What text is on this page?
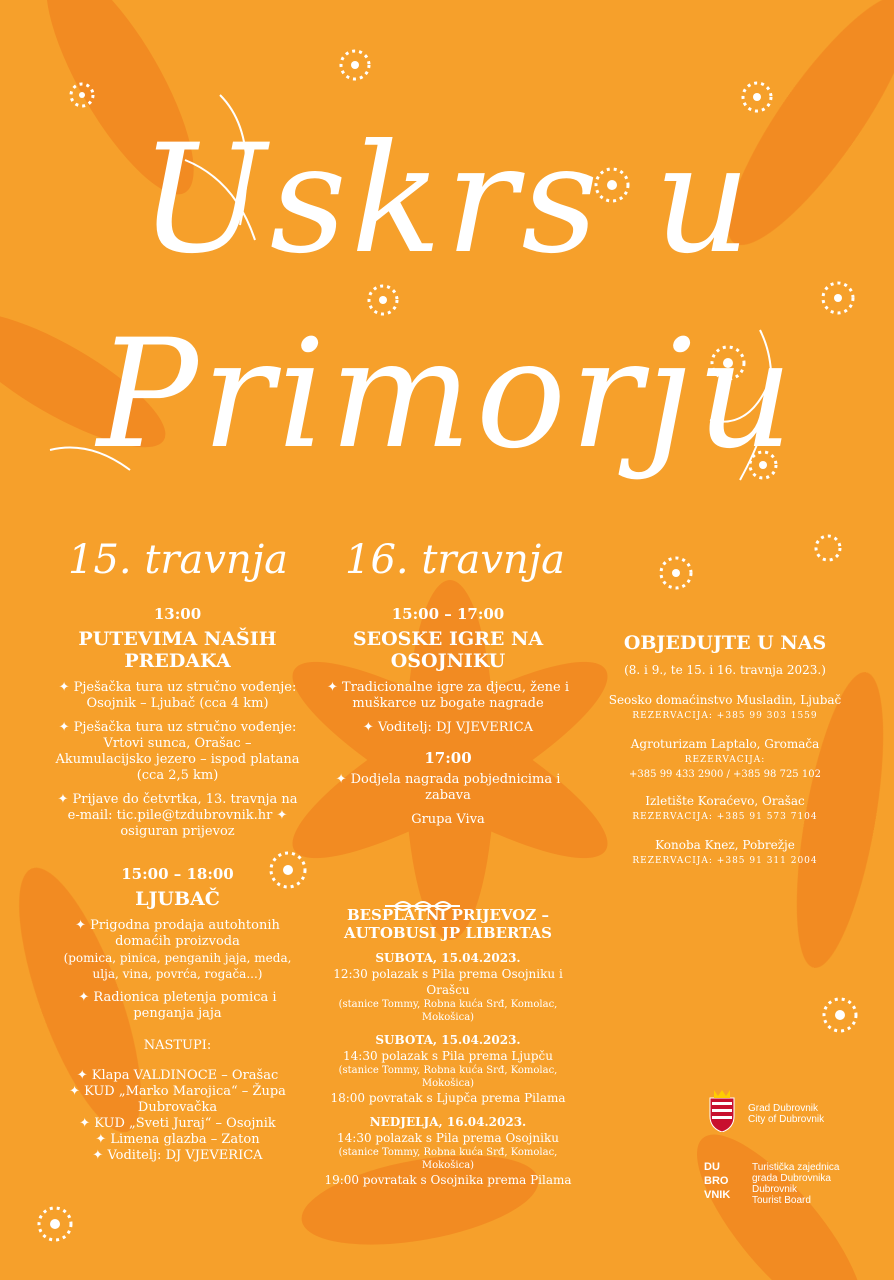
Uskrs u
Primorju
15. travnja 16. travnja

13:00

PUTEVIMA NAŠIH PREDAKA

✦ Pješačka tura uz stručno vođenje: Osojnik – Ljubač (cca 4 km)

✦ Pješačka tura uz stručno vođenje: Vrtovi sunca, Orašac – Akumulacijsko jezero – ispod platana (cca 2,5 km)

✦ Prijave do četvrtka, 13. travnja na e-mail: tic.pile@tzdubrovnik.hr ✦ osiguran prijevoz

15:00 – 18:00

LJUBAČ

✦ Prigodna prodaja autohtonih domaćih proizvoda

(pomica, pinica, penganih jaja, meda, ulja, vina, povrća, rogača...)

✦ Radionica pletenja pomica i penganja jaja

NASTUPI:

✦ Klapa VALDINOCE – Orašac

✦ KUD „Marko Marojica“ – Župa Dubrovačka

✦ KUD „Sveti Juraj“ – Osojnik

✦ Limena glazba – Zaton

✦ Voditelj: DJ VJEVERICA

15:00 – 17:00

SEOSKE IGRE NA OSOJNIKU

✦ Tradicionalne igre za djecu, žene i muškarce uz bogate nagrade

✦ Voditelj: DJ VJEVERICA

17:00

✦ Dodjela nagrada pobjednicima i zabava

Grupa Viva

BESPLATNI PRIJEVOZ – AUTOBUSI JP LIBERTAS

SUBOTA, 15.04.2023.

12:30 polazak s Pila prema Osojniku i Orašcu

(stanice Tommy, Robna kuća Srđ, Komolac, Mokošica)

SUBOTA, 15.04.2023.

14:30 polazak s Pila prema Ljupču

(stanice Tommy, Robna kuća Srđ, Komolac, Mokošica)

18:00 povratak s Ljupča prema Pilama

NEDJELJA, 16.04.2023.

14:30 polazak s Pila prema Osojniku

(stanice Tommy, Robna kuća Srđ, Komolac, Mokošica)

19:00 povratak s Osojnika prema Pilama

OBJEDUJTE U NAS

(8. i 9., te 15. i 16. travnja 2023.)

Seosko domaćinstvo Musladin, Ljubač

REZERVACIJA: +385 99 303 1559

Agroturizam Laptalo, Gromača

REZERVACIJA:

+385 99 433 2900 / +385 98 725 102

Izletište Koraćevo, Orašac

REZERVACIJA: +385 91 573 7104

Konoba Knez, Pobrežje

REZERVACIJA: +385 91 311 2004

Grad Dubrovnik
City of Dubrovnik
DU BRO VNIK
Turistička zajednica
grada Dubrovnika
Dubrovnik
Tourist Board
